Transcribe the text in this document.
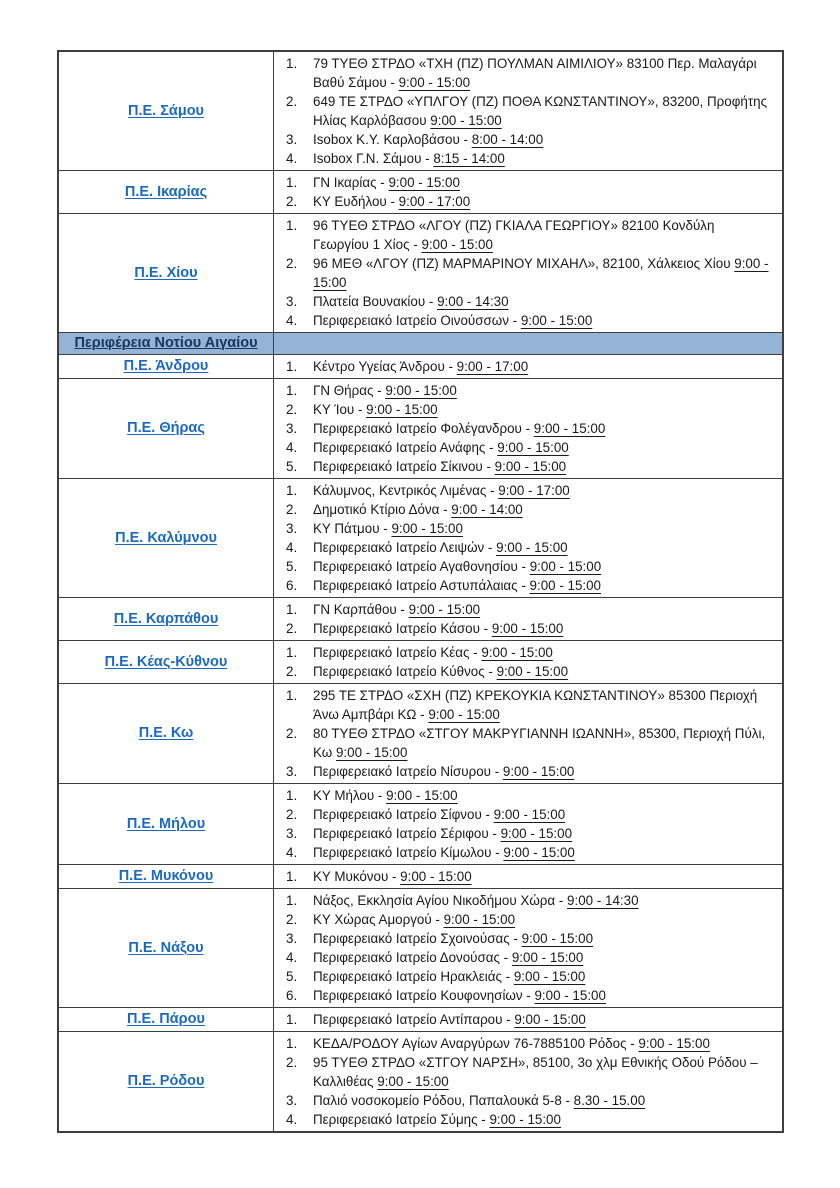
Π.Ε. Σάμου
1.	79 ΤΥΕΘ ΣΤΡΔΟ «ΤΧΗ (ΠΖ) ΠΟΥΛΜΑΝ ΑΙΜΙΛΙΟΥ» 83100 Περ. Μαλαγάρι Βαθύ Σάμου - 9:00 - 15:00
2.	649 ΤΕ ΣΤΡΔΟ «ΥΠΛΓΟΥ (ΠΖ) ΠΟΘΑ ΚΩΝΣΤΑΝΤΙΝΟΥ», 83200, Προφήτης Ηλίας Καρλόβασου 9:00 - 15:00
3.	Isobox Κ.Υ. Καρλοβάσου - 8:00 - 14:00
4.	Isobox Γ.Ν. Σάμου - 8:15 - 14:00
Π.Ε. Ικαρίας
1.	ΓΝ Ικαρίας - 9:00 - 15:00
2.	ΚΥ Ευδήλου - 9:00 - 17:00
Π.Ε. Χίου
1.	96 ΤΥΕΘ ΣΤΡΔΟ «ΛΓΟΥ (ΠΖ) ΓΚΙΑΛΑ ΓΕΩΡΓΙΟΥ» 82100 Κονδύλη Γεωργίου 1 Χίος - 9:00 - 15:00
2.	96 ΜΕΘ «ΛΓΟΥ (ΠΖ) ΜΑΡΜΑΡΙΝΟΥ ΜΙΧΑΗΛ», 82100, Χάλκειος Χίου 9:00 - 15:00
3.	Πλατεία Βουνακίου - 9:00 - 14:30
4.	Περιφερειακό Ιατρείο Οινούσσων - 9:00 - 15:00
Περιφέρεια Νοτίου Αιγαίου
Π.Ε. Άνδρου	1.	Κέντρο Υγείας Άνδρου - 9:00 - 17:00
Π.Ε. Θήρας
1.	ΓΝ Θήρας - 9:00 - 15:00
2.	ΚΥ Ίου - 9:00 - 15:00
3.	Περιφερειακό Ιατρείο Φολέγανδρου - 9:00 - 15:00
4.	Περιφερειακό Ιατρείο Ανάφης - 9:00 - 15:00
5.	Περιφερειακό Ιατρείο Σίκινου - 9:00 - 15:00
Π.Ε. Καλύμνου
1.	Κάλυμνος, Κεντρικός Λιμένας - 9:00 - 17:00
2.	Δημοτικό Κτίριο Δόνα - 9:00 - 14:00
3.	ΚΥ Πάτμου - 9:00 - 15:00
4.	Περιφερειακό Ιατρείο Λειψών - 9:00 - 15:00
5.	Περιφερειακό Ιατρείο Αγαθονησίου - 9:00 - 15:00
6.	Περιφερειακό Ιατρείο Αστυπάλαιας - 9:00 - 15:00
Π.Ε. Καρπάθου
1.	ΓΝ Καρπάθου - 9:00 - 15:00
2.	Περιφερειακό Ιατρείο Κάσου - 9:00 - 15:00
Π.Ε. Κέας-Κύθνου
1.	Περιφερειακό Ιατρείο Κέας - 9:00 - 15:00
2.	Περιφερειακό Ιατρείο Κύθνος - 9:00 - 15:00
Π.Ε. Κω
1.	295 ΤΕ ΣΤΡΔΟ «ΣΧΗ (ΠΖ) ΚΡΕΚΟΥΚΙΑ ΚΩΝΣΤΑΝΤΙΝΟΥ» 85300 Περιοχή Άνω Αμπβάρι ΚΩ - 9:00 - 15:00
2.	80 ΤΥΕΘ ΣΤΡΔΟ «ΣΤΓΟΥ ΜΑΚΡΥΓΙΑΝΝΗ ΙΩΑΝΝΗ», 85300, Περιοχή Πύλι, Κω 9:00 - 15:00
3.	Περιφερειακό Ιατρείο Νίσυρου - 9:00 - 15:00
Π.Ε. Μήλου
1.	ΚΥ Μήλου - 9:00 - 15:00
2.	Περιφερειακό Ιατρείο Σίφνου - 9:00 - 15:00
3.	Περιφερειακό Ιατρείο Σέριφου - 9:00 - 15:00
4.	Περιφερειακό Ιατρείο Κίμωλου - 9:00 - 15:00
Π.Ε. Μυκόνου	1.	ΚΥ Μυκόνου - 9:00 - 15:00
Π.Ε. Νάξου
1.	Νάξος, Εκκλησία Αγίου Νικοδήμου Χώρα - 9:00 - 14:30
2.	ΚΥ Χώρας Αμοργού - 9:00 - 15:00
3.	Περιφερειακό Ιατρείο Σχοινούσας - 9:00 - 15:00
4.	Περιφερειακό Ιατρείο Δονούσας - 9:00 - 15:00
5.	Περιφερειακό Ιατρείο Ηρακλειάς - 9:00 - 15:00
6.	Περιφερειακό Ιατρείο Κουφονησίων - 9:00 - 15:00
Π.Ε. Πάρου	1.	Περιφερειακό Ιατρείο Αντίπαρου - 9:00 - 15:00
Π.Ε. Ρόδου
1.	ΚΕΔΑ/ΡΟΔΟΥ Αγίων Αναργύρων 76-7885100 Ρόδος - 9:00 - 15:00
2.	95 ΤΥΕΘ ΣΤΡΔΟ «ΣΤΓΟΥ ΝΑΡΣΗ», 85100, 3ο χλμ Εθνικής Οδού Ρόδου – Καλλιθέας 9:00 - 15:00
3.	Παλιό νοσοκομείο Ρόδου, Παπαλουκά 5-8 - 8.30 - 15.00
4.	Περιφερειακό Ιατρείο Σύμης - 9:00 - 15:00
